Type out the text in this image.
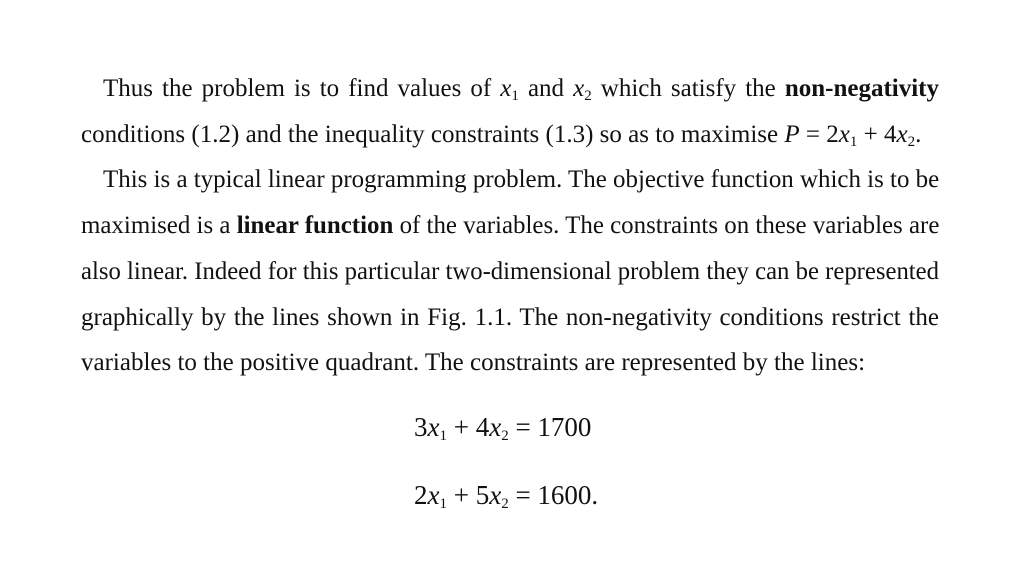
Thus the problem is to find values of $x_1$ and $x_2$ which satisfy the non-negativity
conditions (1.2) and the inequality constraints (1.3) so as to maximise $P = 2x_1 + 4x_2$.
This is a typical linear programming problem. The objective function which is to be
maximised is a linear function of the variables. The constraints on these variables are
also linear. Indeed for this particular two-dimensional problem they can be represented
graphically by the lines shown in Fig. 1.1. The non-negativity conditions restrict the
variables to the positive quadrant. The constraints are represented by the lines:
$3x_1 + 4x_2 = 1700$
$2x_1 + 5x_2 = 1600$.
